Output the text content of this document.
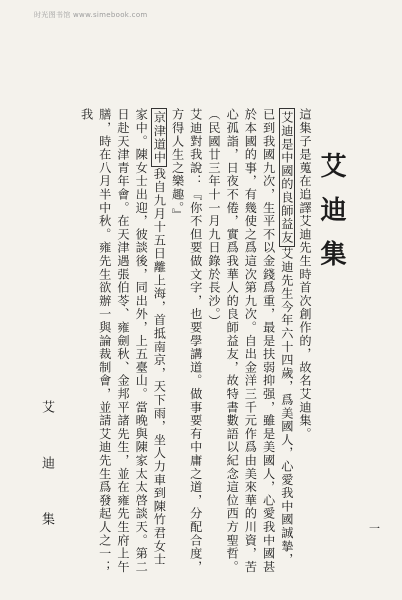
时光图书馆 www.simebook.com
艾迪集

這集子是蒐在追譯艾迪先生時首次創作的，故名艾迪集。

艾迪是中國的良師益友艾迪先生今年六十四歲，爲美國人，心愛我中國誠摯，已到我國九次，生平不以金錢爲重，最是扶弱抑强，雖是美國人，心愛我中國甚於本國的事，有幾使之爲這次第九次。自出金洋三千元作爲由美來華的川資，苦心孤詣，日夜不倦，實爲我華人的良師益友，故特書數語以紀念這位西方聖哲。（民國廿三年十一月九日錄於長沙。）

艾迪對我說：『你不但要做文字，也要學講道。做事要有中庸之道，分配合度，方得人生之樂趣。』

京津道中我自九月十五日離上海，首抵南京，天下雨，坐人力車到陳竹君女士家中。陳女士出迎，彼談後，同出外，上五臺山。當晚與陳家太太啓談天。第二日赴天津青年會。在天津遇張伯苓、雍劍秋、金邦平諸先生，並在雍先生府上午膳，時在八月半中秋。雍先生欲辦一與論裁制會，並請艾迪先生爲發起人之一；我

艾 迪 集	一
